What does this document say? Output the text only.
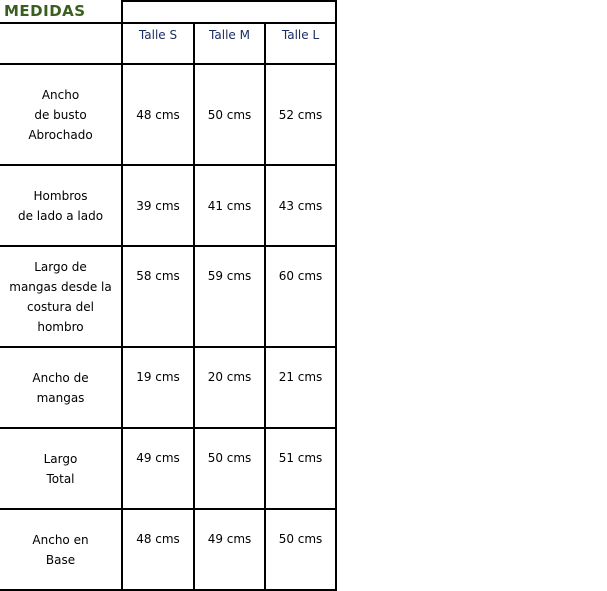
MEDIDAS

	Talle S	Talle M	Talle L

Ancho
de busto
Abrochado	48 cms	50 cms	52 cms

Hombros
de lado a lado	39 cms	41 cms	43 cms

Largo de
mangas desde la
costura del
hombro	58 cms	59 cms	60 cms

Ancho de
mangas	19 cms	20 cms	21 cms

Largo
Total	49 cms	50 cms	51 cms

Ancho en
Base	48 cms	49 cms	50 cms
